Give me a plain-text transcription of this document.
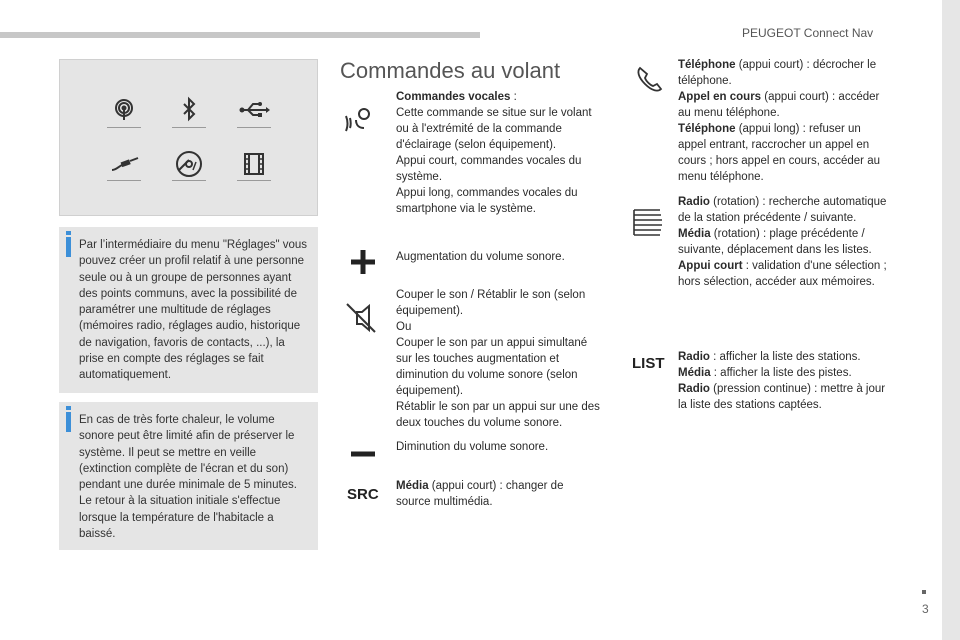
PEUGEOT Connect Nav
Par l’intermédiaire du menu "Réglages" vous pouvez créer un profil relatif à une personne seule ou à un groupe de personnes ayant des points communs, avec la possibilité de paramétrer une multitude de réglages (mémoires radio, réglages audio, historique de navigation, favoris de contacts, ...), la prise en compte des réglages se fait automatiquement.
En cas de très forte chaleur, le volume sonore peut être limité afin de préserver le système. Il peut se mettre en veille (extinction complète de l'écran et du son) pendant une durée minimale de 5 minutes. Le retour à la situation initiale s'effectue lorsque la température de l'habitacle a baissé.
Commandes au volant
Commandes vocales :
Cette commande se situe sur le volant ou à l'extrémité de la commande d'éclairage (selon équipement).
Appui court, commandes vocales du système.
Appui long, commandes vocales du smartphone via le système.
Augmentation du volume sonore.
Couper le son / Rétablir le son (selon équipement).
Ou
Couper le son par un appui simultané sur les touches augmentation et diminution du volume sonore (selon équipement).
Rétablir le son par un appui sur une des deux touches du volume sonore.
Diminution du volume sonore.
SRC Média (appui court) : changer de source multimédia.
Téléphone (appui court) : décrocher le téléphone.
Appel en cours (appui court) : accéder au menu téléphone.
Téléphone (appui long) : refuser un appel entrant, raccrocher un appel en cours ; hors appel en cours, accéder au menu téléphone.
Radio (rotation) : recherche automatique de la station précédente / suivante.
Média (rotation) : plage précédente / suivante, déplacement dans les listes.
Appui court : validation d'une sélection ; hors sélection, accéder aux mémoires.
LIST Radio : afficher la liste des stations.
Média : afficher la liste des pistes.
Radio (pression continue) : mettre à jour la liste des stations captées.
3
